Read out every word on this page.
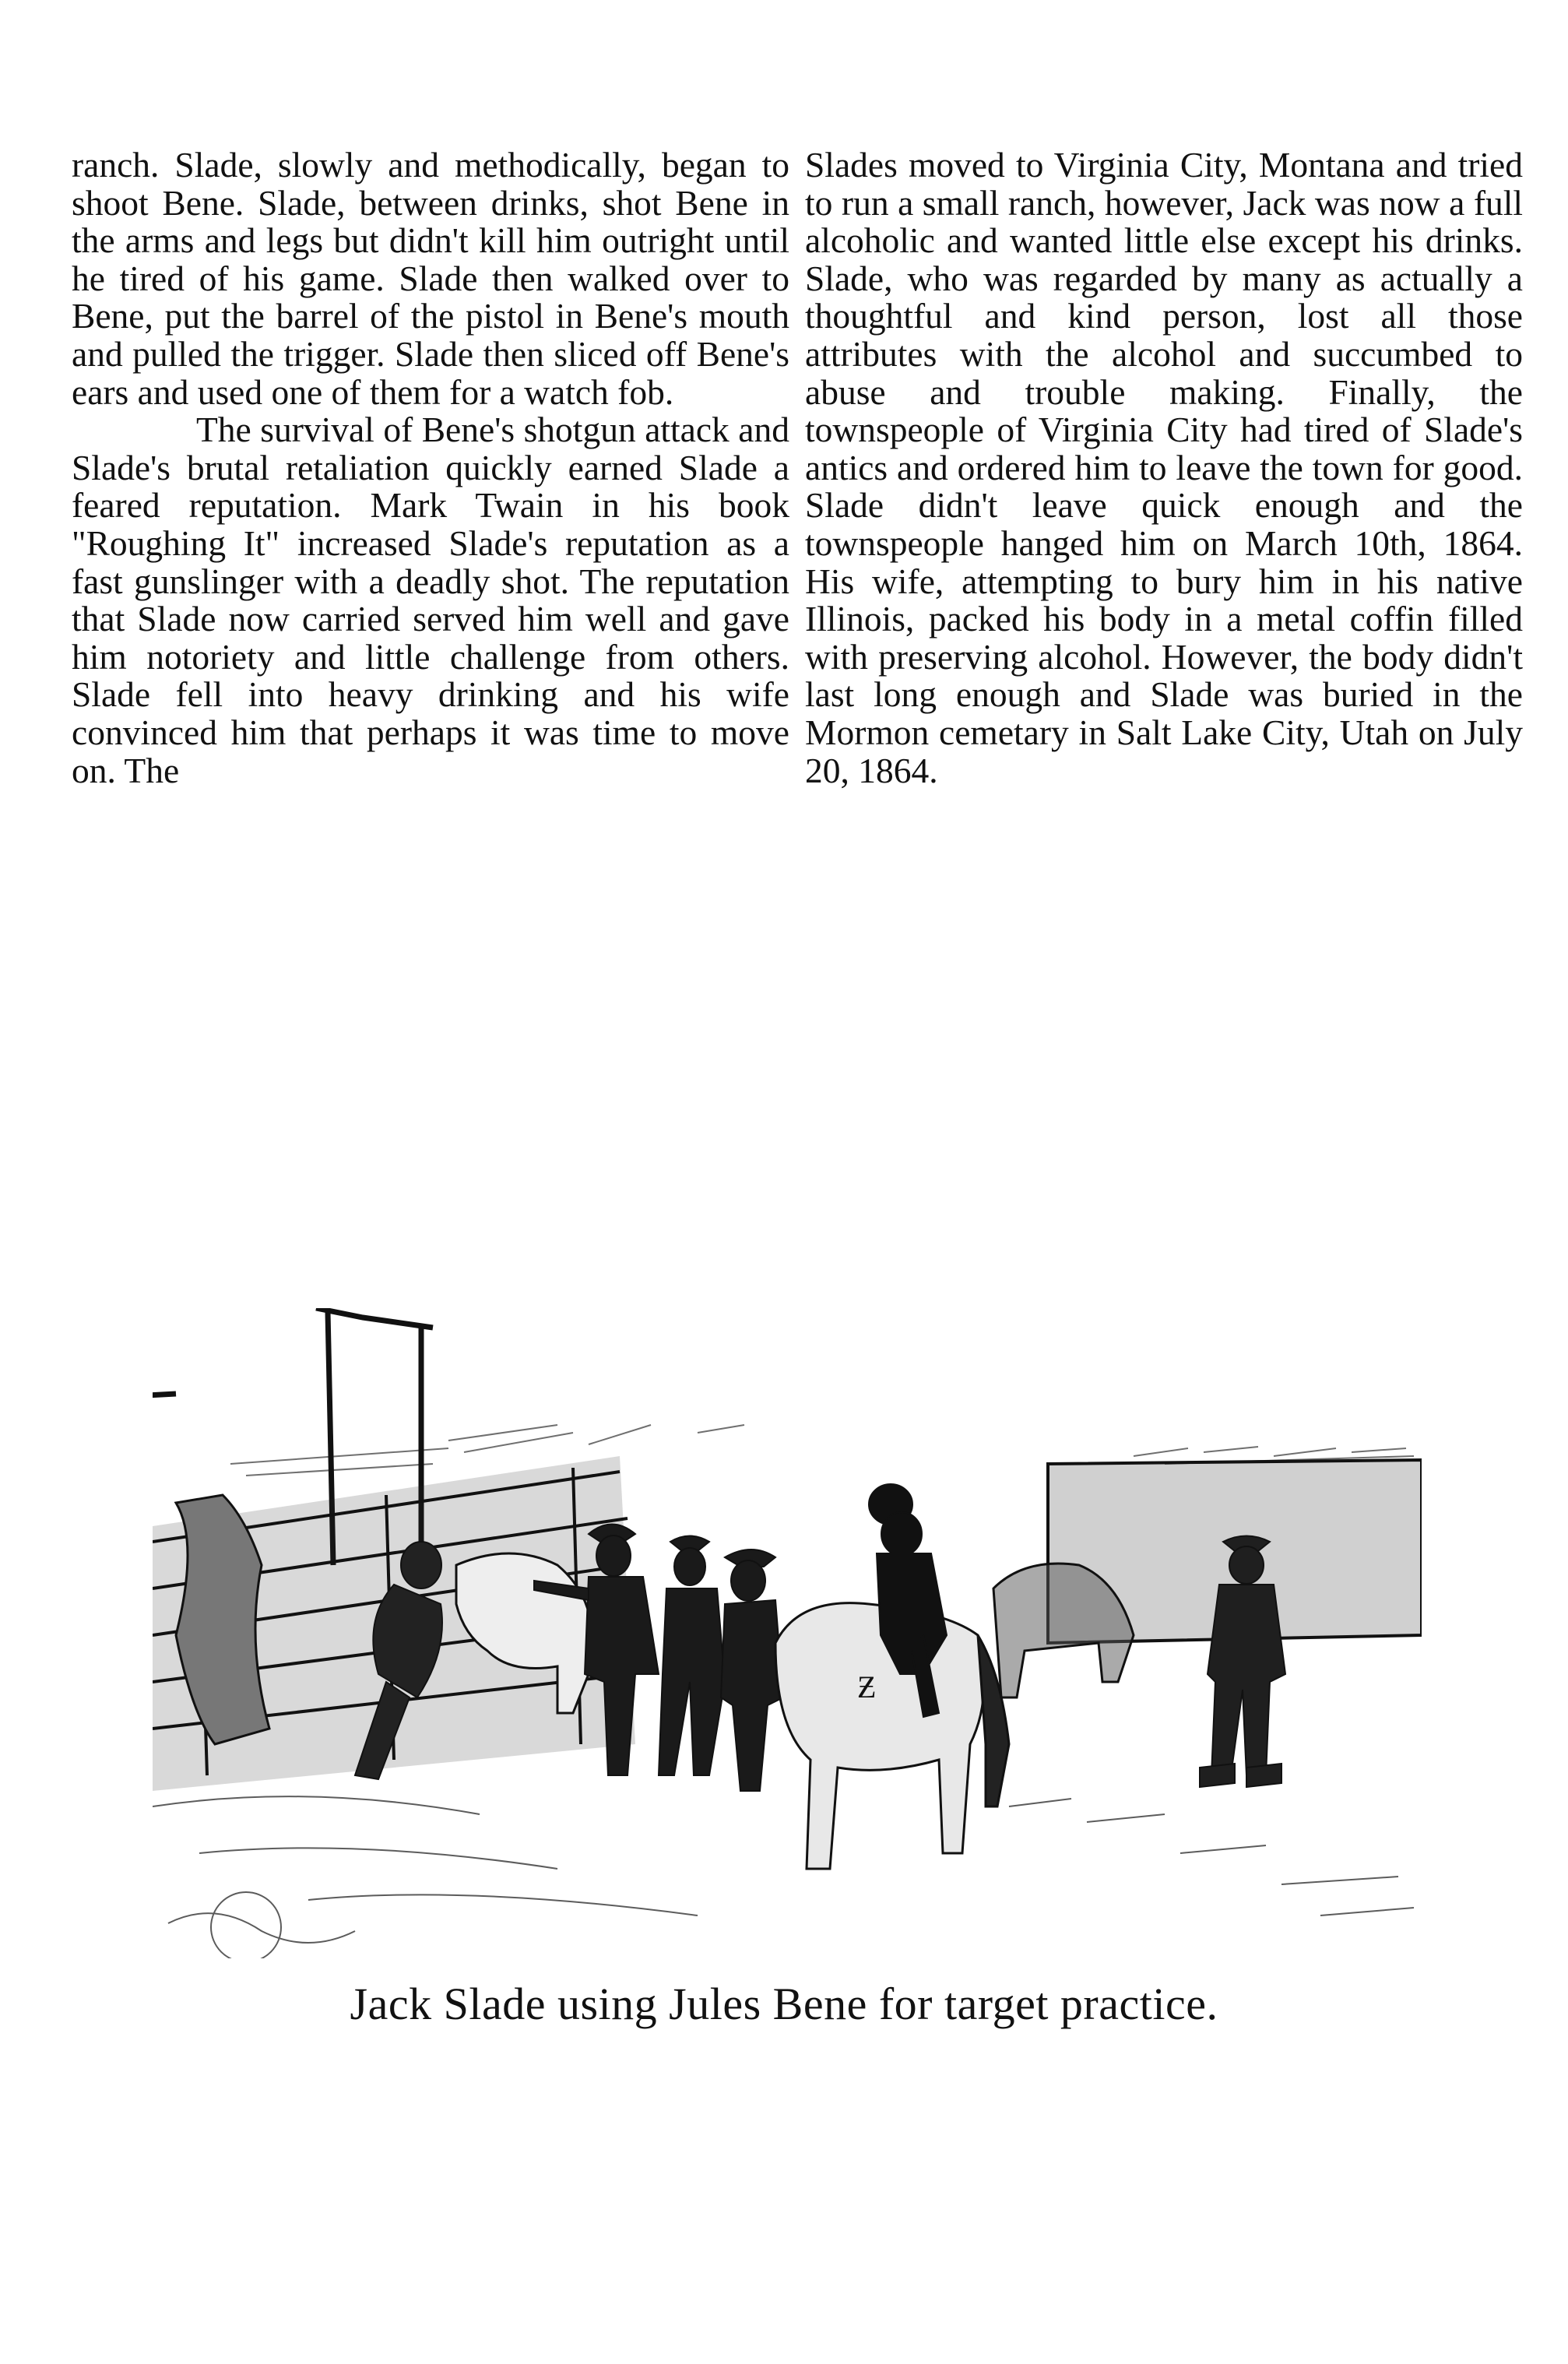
ranch. Slade, slowly and methodically, began to shoot Bene. Slade, between drinks, shot Bene in the arms and legs but didn't kill him outright until he tired of his game. Slade then walked over to Bene, put the barrel of the pistol in Bene's mouth and pulled the trigger. Slade then sliced off Bene's ears and used one of them for a watch fob.

The survival of Bene's shotgun attack and Slade's brutal retaliation quickly earned Slade a feared reputation. Mark Twain in his book "Roughing It" increased Slade's reputation as a fast gunslinger with a deadly shot. The reputation that Slade now carried served him well and gave him notoriety and little challenge from others. Slade fell into heavy drinking and his wife convinced him that perhaps it was time to move on. The

Slades moved to Virginia City, Montana and tried to run a small ranch, however, Jack was now a full alcoholic and wanted little else except his drinks. Slade, who was regarded by many as actually a thoughtful and kind person, lost all those attributes with the alcohol and succumbed to abuse and trouble making. Finally, the townspeople of Virginia City had tired of Slade's antics and ordered him to leave the town for good. Slade didn't leave quick enough and the townspeople hanged him on March 10th, 1864. His wife, attempting to bury him in his native Illinois, packed his body in a metal coffin filled with preserving alcohol. However, the body didn't last long enough and Slade was buried in the Mormon cemetary in Salt Lake City, Utah on July 20, 1864.

Ƶ
Jack Slade using Jules Bene for target practice.
